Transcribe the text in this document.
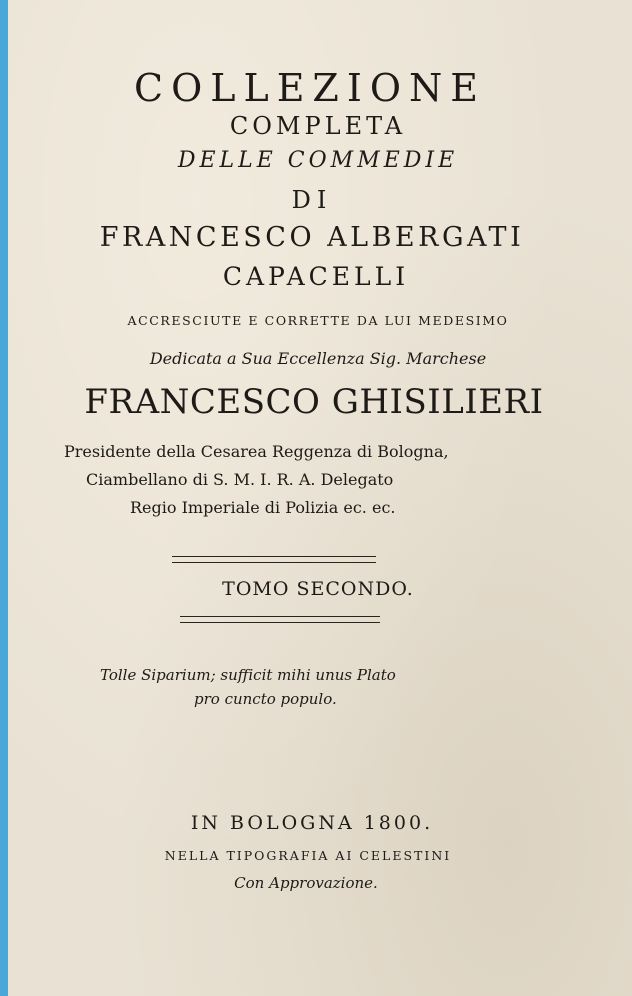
COLLEZIONE
COMPLETA
DELLE COMMEDIE
DI
FRANCESCO ALBERGATI
CAPACELLI
ACCRESCIUTE E CORRETTE DA LUI MEDESIMO
Dedicata a Sua Eccellenza Sig. Marchese
FRANCESCO GHISILIERI
Presidente della Cesarea Reggenza di Bologna,
Ciambellano di S. M. I. R. A. Delegato
Regio Imperiale di Polizia ec. ec.
TOMO SECONDO.
Tolle Siparium; sufficit mihi unus Plato
pro cuncto populo.
IN BOLOGNA 1800.
NELLA TIPOGRAFIA AI CELESTINI
Con Approvazione.
